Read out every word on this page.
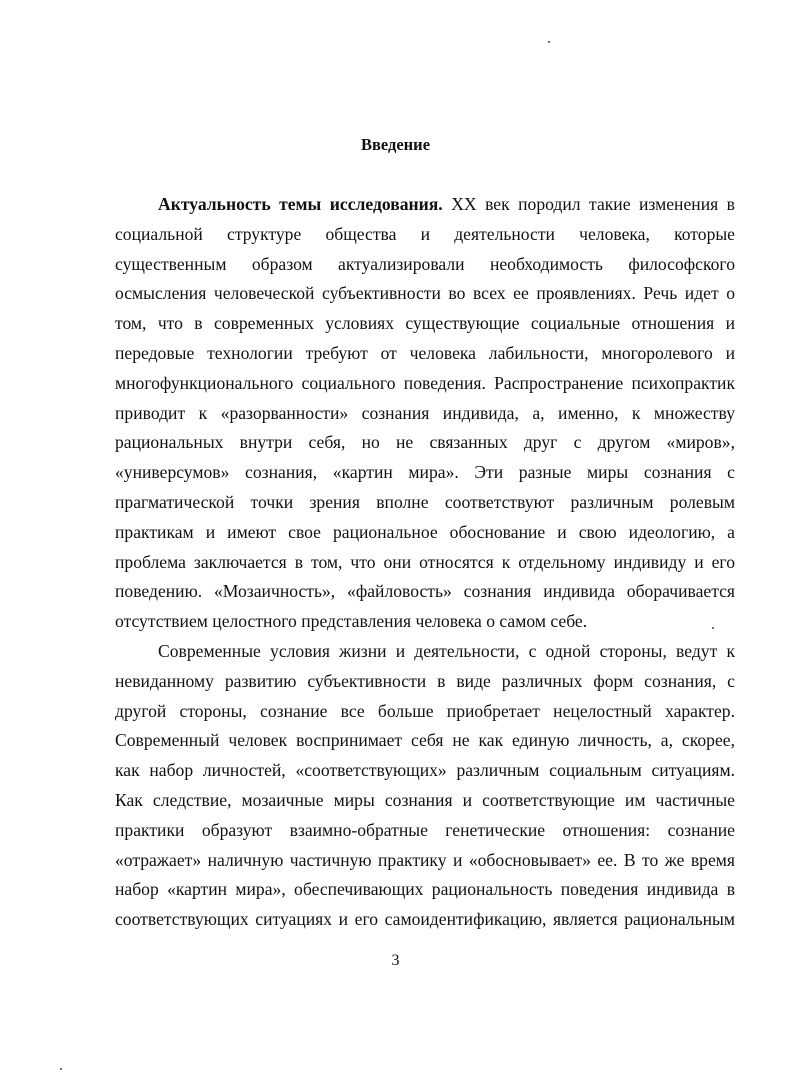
Введение
Актуальность темы исследования. XX век породил такие изменения в
социальной структуре общества и деятельности человека, которые
существенным образом актуализировали необходимость философского
осмысления человеческой субъективности во всех ее проявлениях. Речь идет о
том, что в современных условиях существующие социальные отношения и
передовые технологии требуют от человека лабильности, многоролевого и
многофункционального социального поведения. Распространение психопрактик
приводит к «разорванности» сознания индивида, а, именно, к множеству
рациональных внутри себя, но не связанных друг с другом «миров»,
«универсумов» сознания, «картин мира». Эти разные миры сознания с
прагматической точки зрения вполне соответствуют различным ролевым
практикам и имеют свое рациональное обоснование и свою идеологию, а
проблема заключается в том, что они относятся к отдельному индивиду и его
поведению. «Мозаичность», «файловость» сознания индивида оборачивается
отсутствием целостного представления человека о самом себе.
Современные условия жизни и деятельности, с одной стороны, ведут к
невиданному развитию субъективности в виде различных форм сознания, с
другой стороны, сознание все больше приобретает нецелостный характер.
Современный человек воспринимает себя не как единую личность, а, скорее,
как набор личностей, «соответствующих» различным социальным ситуациям.
Как следствие, мозаичные миры сознания и соответствующие им частичные
практики образуют взаимно-обратные генетические отношения: сознание
«отражает» наличную частичную практику и «обосновывает» ее. В то же время
набор «картин мира», обеспечивающих рациональность поведения индивида в
соответствующих ситуациях и его самоидентификацию, является рациональным
3
